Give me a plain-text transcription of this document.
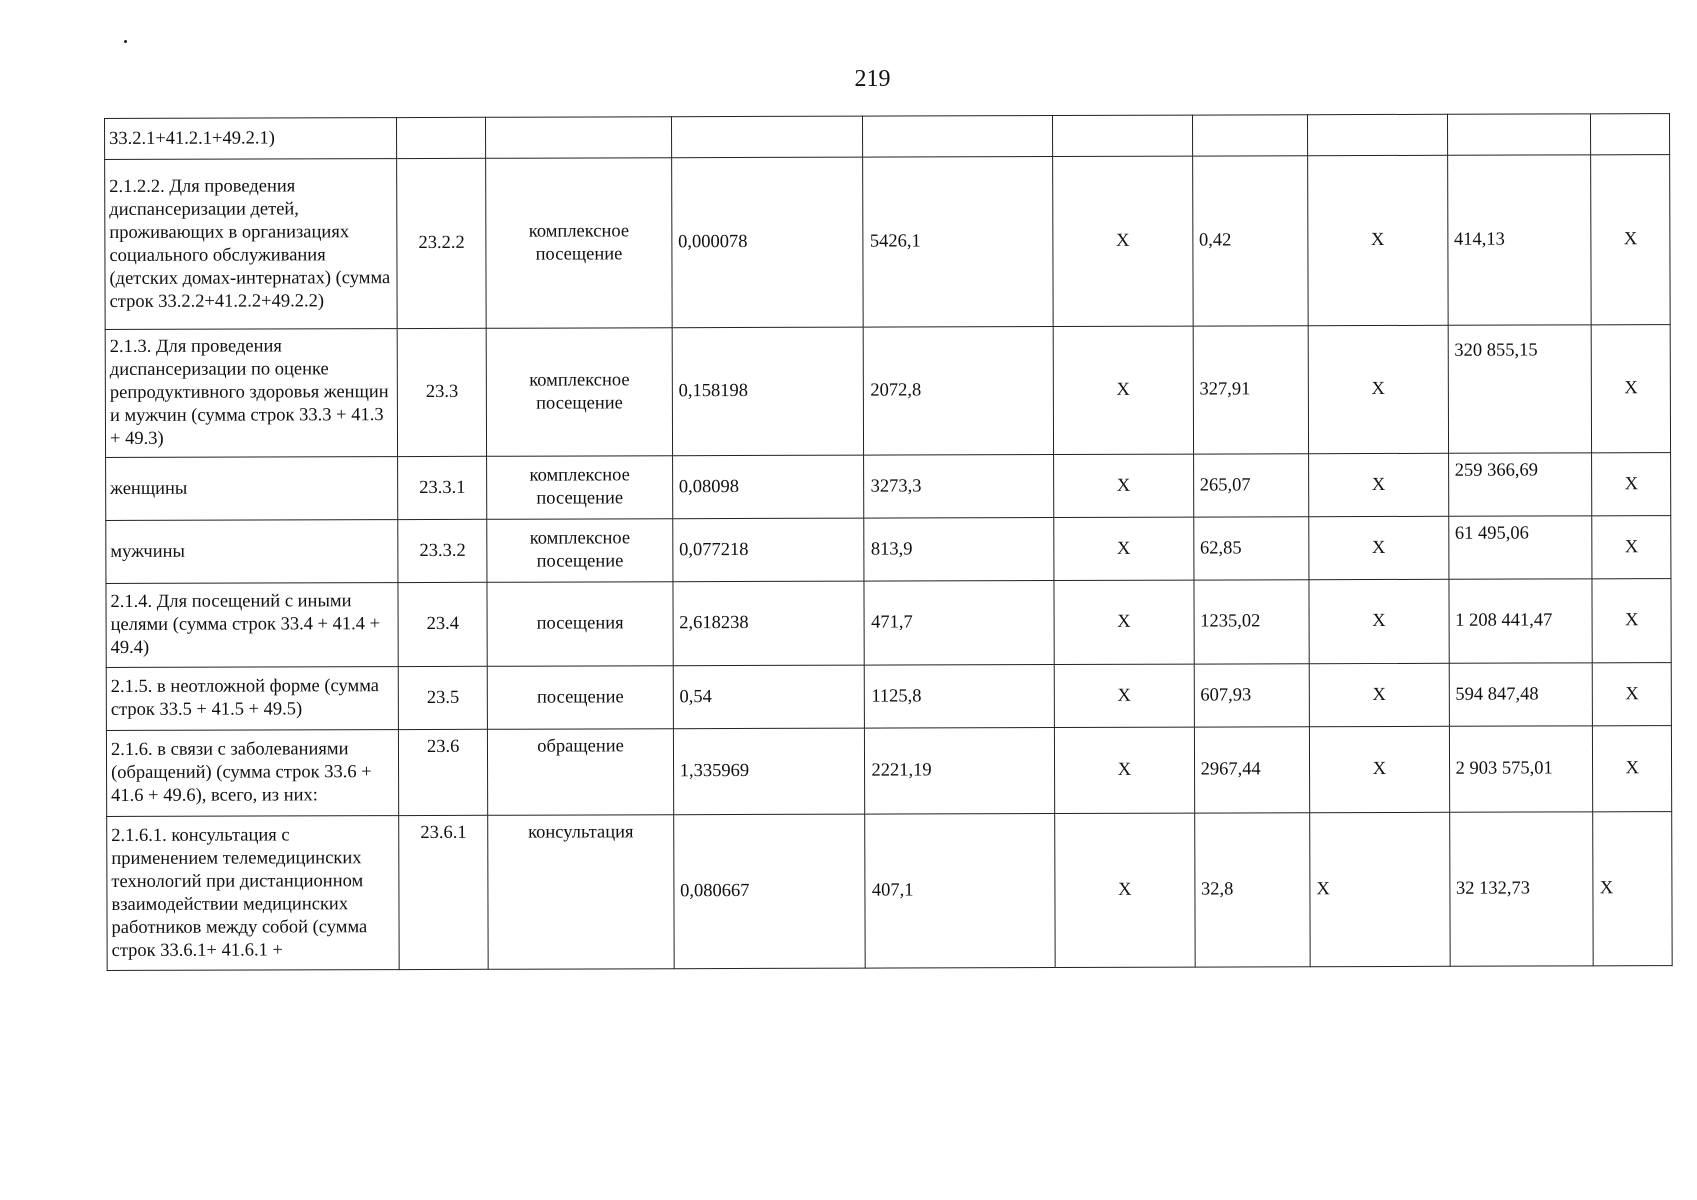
219
33.2.1+41.2.1+49.2.1)									
2.1.2.2. Для проведения диспансеризации детей, проживающих в организациях социального обслуживания (детских домах-интернатах) (сумма строк 33.2.2+41.2.2+49.2.2)	23.2.2	комплексное посещение	0,000078	5426,1	Х	0,42	Х	414,13	Х
2.1.3. Для проведения диспансеризации по оценке репродуктивного здоровья женщин и мужчин (сумма строк 33.3 + 41.3 + 49.3)	23.3	комплексное посещение	0,158198	2072,8	Х	327,91	Х	320 855,15	Х
женщины	23.3.1	комплексное посещение	0,08098	3273,3	Х	265,07	Х	259 366,69	Х
мужчины	23.3.2	комплексное посещение	0,077218	813,9	Х	62,85	Х	61 495,06	Х
2.1.4. Для посещений с иными целями (сумма строк 33.4 + 41.4 + 49.4)	23.4	посещения	2,618238	471,7	Х	1235,02	Х	1 208 441,47	Х
2.1.5. в неотложной форме (сумма строк 33.5 + 41.5 + 49.5)	23.5	посещение	0,54	1125,8	Х	607,93	Х	594 847,48	Х
2.1.6. в связи с заболеваниями (обращений) (сумма строк 33.6 + 41.6 + 49.6), всего, из них:	23.6	обращение	1,335969	2221,19	Х	2967,44	Х	2 903 575,01	Х
2.1.6.1. консультация с применением телемедицинских технологий при дистанционном взаимодействии медицинских работников между собой (сумма строк 33.6.1+ 41.6.1 +	23.6.1	консультация	0,080667	407,1	Х	32,8	Х	32 132,73	Х
